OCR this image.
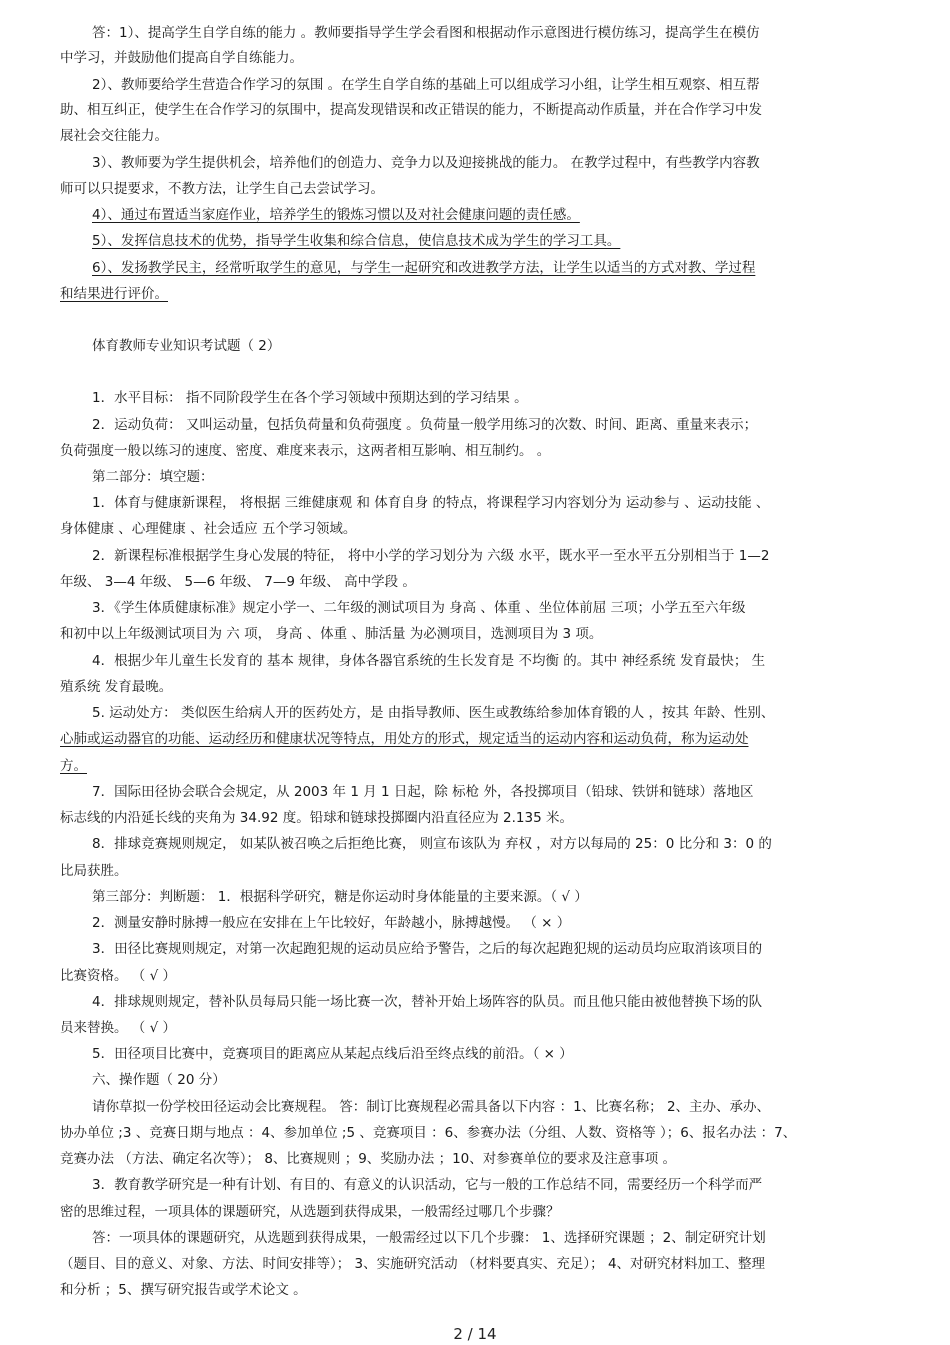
答：1）、提高学生自学自练的能力 。教师要指导学生学会看图和根据动作示意图进行模仿练习，提高学生在模仿
中学习，并鼓励他们提高自学自练能力。
2）、教师要给学生营造合作学习的氛围 。在学生自学自练的基础上可以组成学习小组，让学生相互观察、相互帮
助、相互纠正，使学生在合作学习的氛围中，提高发现错误和改正错误的能力，不断提高动作质量，并在合作学习中发
展社会交往能力。
3）、教师要为学生提供机会，培养他们的创造力、竞争力以及迎接挑战的能力。 在教学过程中，有些教学内容教
师可以只提要求，不教方法，让学生自己去尝试学习。
4）、通过布置适当家庭作业，培养学生的锻炼习惯以及对社会健康问题的责任感。
5）、发挥信息技术的优势，指导学生收集和综合信息，使信息技术成为学生的学习工具。
6）、发扬教学民主，经常听取学生的意见，与学生一起研究和改进教学方法，让学生以适当的方式对教、学过程
和结果进行评价。
体育教师专业知识考试题（ 2）
1．水平目标： 指不同阶段学生在各个学习领域中预期达到的学习结果 。
2．运动负荷： 又叫运动量，包括负荷量和负荷强度 。负荷量一般学用练习的次数、时间、距离、重量来表示；
负荷强度一般以练习的速度、密度、难度来表示，这两者相互影响、相互制约。 。
第二部分：填空题：
1．体育与健康新课程， 将根据 三维健康观 和 体育自身 的特点，将课程学习内容划分为 运动参与 、运动技能 、
身体健康 、心理健康 、社会适应 五个学习领域。
2．新课程标准根据学生身心发展的特征， 将中小学的学习划分为 六级 水平，既水平一至水平五分别相当于 1—2
年级、 3—4 年级、 5—6 年级、 7—9 年级、 高中学段 。
3．《学生体质健康标准》规定小学一、二年级的测试项目为 身高 、体重 、坐位体前屈 三项；小学五至六年级
和初中以上年级测试项目为 六 项， 身高 、体重 、肺活量 为必测项目，选测项目为 3 项。
4．根据少年儿童生长发育的 基本 规律，身体各器官系统的生长发育是 不均衡 的。其中 神经系统 发育最快； 生
殖系统 发育最晚。
5. 运动处方： 类似医生给病人开的医药处方，是 由指导教师、医生或教练给参加体育锻的人 ，按其 年龄、性别、
心肺或运动器官的功能、运动经历和健康状况等特点，用处方的形式，规定适当的运动内容和运动负荷，称为运动处
方。
7．国际田径协会联合会规定，从 2003 年 1 月 1 日起，除 标枪 外，各投掷项目（铅球、铁饼和链球）落地区
标志线的内沿延长线的夹角为 34.92 度。铅球和链球投掷圈内沿直径应为 2.135 米。
8．排球竞赛规则规定， 如某队被召唤之后拒绝比赛， 则宣布该队为 弃权 ，对方以每局的 25：0 比分和 3：0 的
比局获胜。
第三部分：判断题： 1．根据科学研究，糖是你运动时身体能量的主要来源。（ √ ）
2．测量安静时脉搏一般应在安排在上午比较好，年龄越小，脉搏越慢。 （ × ）
3．田径比赛规则规定，对第一次起跑犯规的运动员应给予警告，之后的每次起跑犯规的运动员均应取消该项目的
比赛资格。 （ √ ）
4．排球规则规定，替补队员每局只能一场比赛一次，替补开始上场阵容的队员。而且他只能由被他替换下场的队
员来替换。 （ √ ）
5．田径项目比赛中，竞赛项目的距离应从某起点线后沿至终点线的前沿。（ × ）
六、操作题（ 20 分）
请你草拟一份学校田径运动会比赛规程。 答：制订比赛规程必需具备以下内容 ：1、比赛名称； 2、主办、承办、
协办单位 ;3 、竞赛日期与地点 ：4、参加单位 ;5 、竞赛项目 ：6、参赛办法（分组、人数、资格等 ）；6、报名办法 ：7、
竞赛办法 （方法、确定名次等）； 8、比赛规则 ；9、奖励办法 ；10、对参赛单位的要求及注意事项 。
3．教育教学研究是一种有计划、有目的、有意义的认识活动，它与一般的工作总结不同，需要经历一个科学而严
密的思维过程，一项具体的课题研究，从选题到获得成果，一般需经过哪几个步骤？
答：一项具体的课题研究，从选题到获得成果，一般需经过以下几个步骤： 1、选择研究课题 ；2、制定研究计划
（题目、目的意义、对象、方法、时间安排等）； 3、实施研究活动 （材料要真实、充足）； 4、对研究材料加工、整理
和分析 ；5、撰写研究报告或学术论文 。
2 / 14
